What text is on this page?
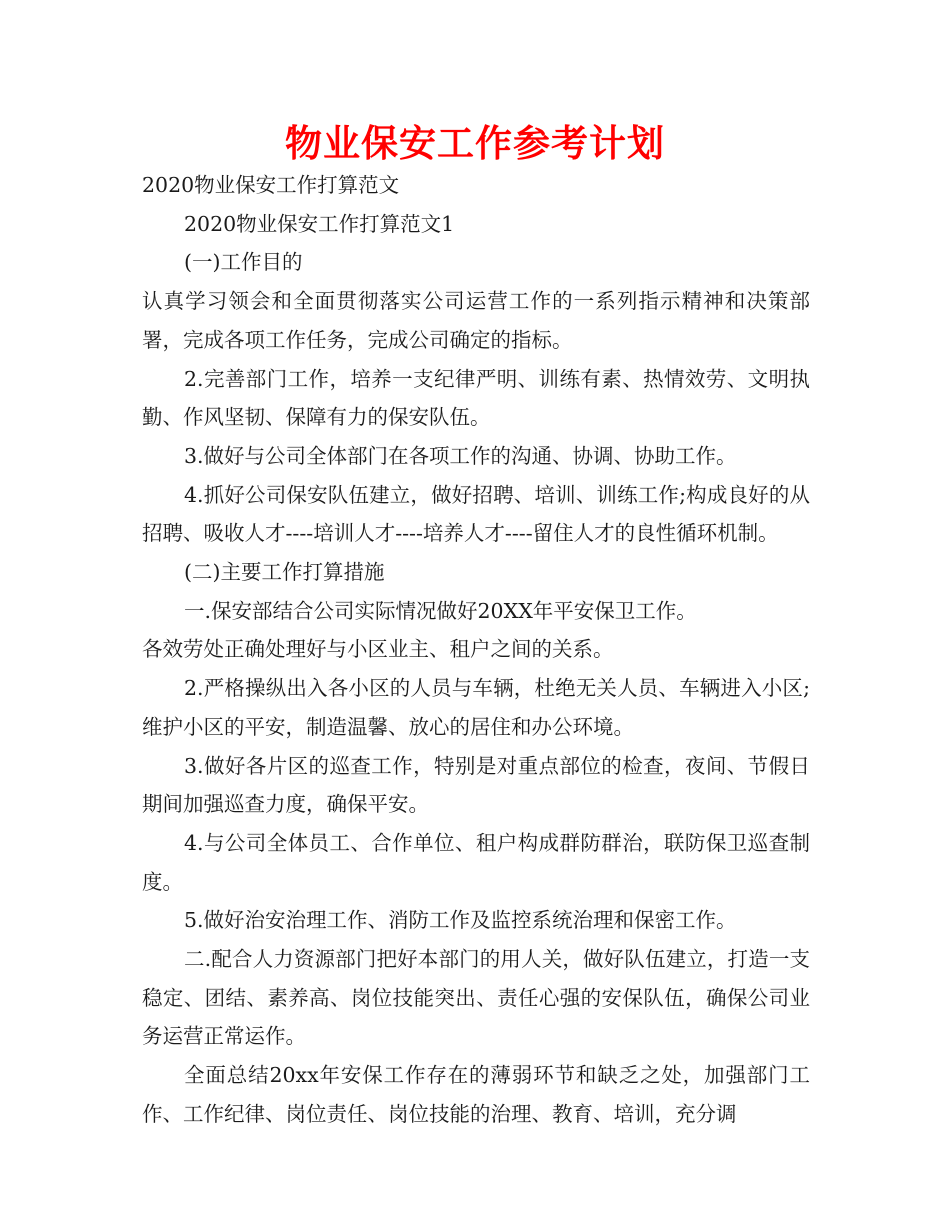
物业保安工作参考计划

2020物业保安工作打算范文

2020物业保安工作打算范文1

(一)工作目的

认真学习领会和全面贯彻落实公司运营工作的一系列指示精神和决策部署，完成各项工作任务，完成公司确定的指标。

2.完善部门工作，培养一支纪律严明、训练有素、热情效劳、文明执勤、作风坚韧、保障有力的保安队伍。

3.做好与公司全体部门在各项工作的沟通、协调、协助工作。

4.抓好公司保安队伍建立，做好招聘、培训、训练工作;构成良好的从招聘、吸收人才----培训人才----培养人才----留住人才的良性循环机制。

(二)主要工作打算措施

一.保安部结合公司实际情况做好20XX年平安保卫工作。

各效劳处正确处理好与小区业主、租户之间的关系。

2.严格操纵出入各小区的人员与车辆，杜绝无关人员、车辆进入小区;维护小区的平安，制造温馨、放心的居住和办公环境。

3.做好各片区的巡查工作，特别是对重点部位的检查，夜间、节假日期间加强巡查力度，确保平安。

4.与公司全体员工、合作单位、租户构成群防群治，联防保卫巡查制度。

5.做好治安治理工作、消防工作及监控系统治理和保密工作。

二.配合人力资源部门把好本部门的用人关，做好队伍建立，打造一支稳定、团结、素养高、岗位技能突出、责任心强的安保队伍，确保公司业务运营正常运作。

全面总结20xx年安保工作存在的薄弱环节和缺乏之处，加强部门工作、工作纪律、岗位责任、岗位技能的治理、教育、培训，充分调
